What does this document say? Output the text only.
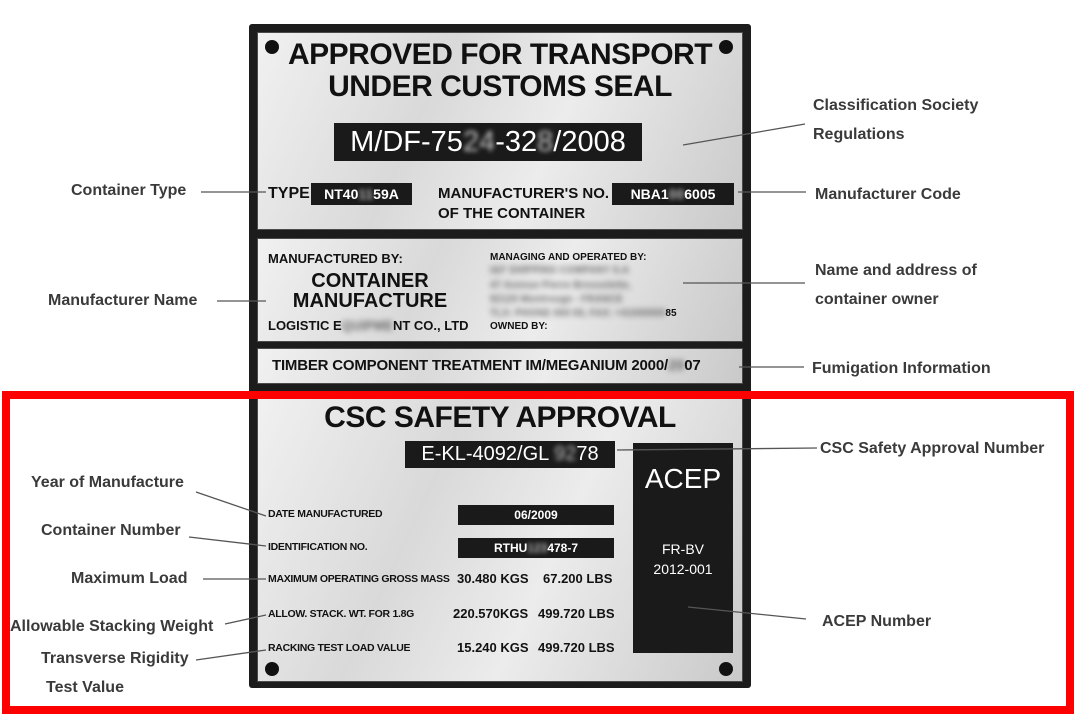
APPROVED FOR TRANSPORT
UNDER CUSTOMS SEAL
M/DF-7524-328/2008
TYPE	NT401159A	MANUFACTURER'S NO.
OF THE CONTAINER
NBA1006005
MANUFACTURED BY:
CONTAINER
MANUFACTURE
LOGISTIC EQUIPMENT CO., LTD
MANAGING AND OPERATED BY:
I&F SHIPPING COMPANY S.A
47 Avenue Pierre Brossolette,
92120 Montrouge - FRANCE
TLX: PHONE 000 00, FAX: +4100000085
OWNED BY:
TIMBER COMPONENT TREATMENT IM/MEGANIUM 2000/2007
CSC SAFETY APPROVAL
E-KL-4092/GL 9278
ACEP
FR-BV
2012-001
DATE MANUFACTURED	06/2009
IDENTIFICATION NO.	RTHU123478-7
MAXIMUM OPERATING GROSS MASS 30.480 KGS 67.200 LBS
ALLOW. STACK. WT. FOR 1.8G	220.570KGS 499.720 LBS
RACKING TEST LOAD VALUE	15.240 KGS 499.720 LBS
Classification Society
Regulations
Container Type	Manufacturer Code
Manufacturer Name
Name and address of
container owner
Fumigation Information
CSC Safety Approval Number
Year of Manufacture
Container Number
Maximum Load
Allowable Stacking Weight
Transverse Rigidity
Test Value
ACEP Number
